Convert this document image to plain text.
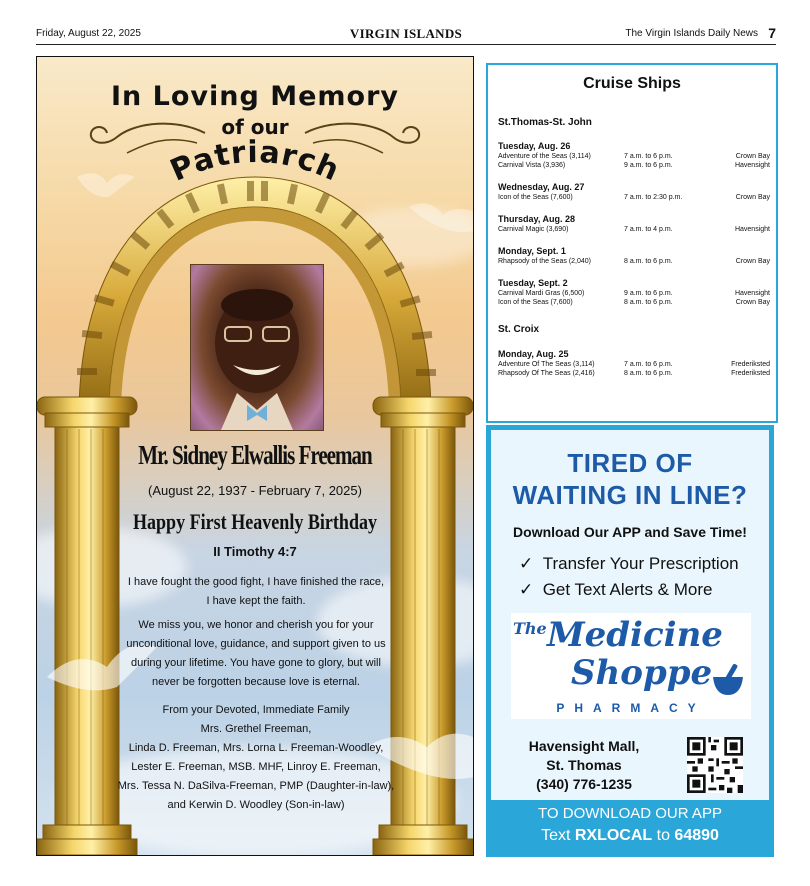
Friday, August 22, 2025	VIRGIN ISLANDS	The Virgin Islands Daily News 7
In Loving Memory
of our
Patriarch
Mr. Sidney Elwallis Freeman
(August 22, 1937 - February 7, 2025)
Happy First Heavenly Birthday
II Timothy 4:7
I have fought the good fight, I have finished the race,
I have kept the faith.
We miss you, we honor and cherish you for your
unconditional love, guidance, and support given to us
during your lifetime. You have gone to glory, but will
never be forgotten because love is eternal.
From your Devoted, Immediate Family
Mrs. Grethel Freeman,
Linda D. Freeman, Mrs. Lorna L. Freeman-Woodley,
Lester E. Freeman, MSB. MHF, Linroy E. Freeman,
Mrs. Tessa N. DaSilva-Freeman, PMP (Daughter-in-law),
and Kerwin D. Woodley (Son-in-law)
Cruise Ships
St.Thomas-St. John
Tuesday, Aug. 26
Adventure of the Seas (3,114)	7 a.m. to 6 p.m.	Crown Bay
Carnival Vista (3,936)	9 a.m. to 6 p.m.	Havensight
Wednesday, Aug. 27
Icon of the Seas (7,600)	7 a.m. to 2:30 p.m.	Crown Bay
Thursday, Aug. 28
Carnival Magic (3,690)	7 a.m. to 4 p.m.	Havensight
Monday, Sept. 1
Rhapsody of the Seas (2,040)	8 a.m. to 6 p.m.	Crown Bay
Tuesday, Sept. 2
Carnival Mardi Gras (6,500)	9 a.m. to 6 p.m.	Havensight
Icon of the Seas (7,600)	8 a.m. to 6 p.m.	Crown Bay
St. Croix
Monday, Aug. 25
Adventure Of The Seas (3,114)	7 a.m. to 6 p.m.	Frederiksted
Rhapsody Of The Seas (2,416)	8 a.m. to 6 p.m.	Frederiksted
TIRED OF
WAITING IN LINE?
Download Our APP and Save Time!
✓ Transfer Your Prescription
✓ Get Text Alerts & More
The Medicine
Shoppe
PHARMACY
Havensight Mall,
St. Thomas
(340) 776-1235
TO DOWNLOAD OUR APP
Text RXLOCAL to 64890
